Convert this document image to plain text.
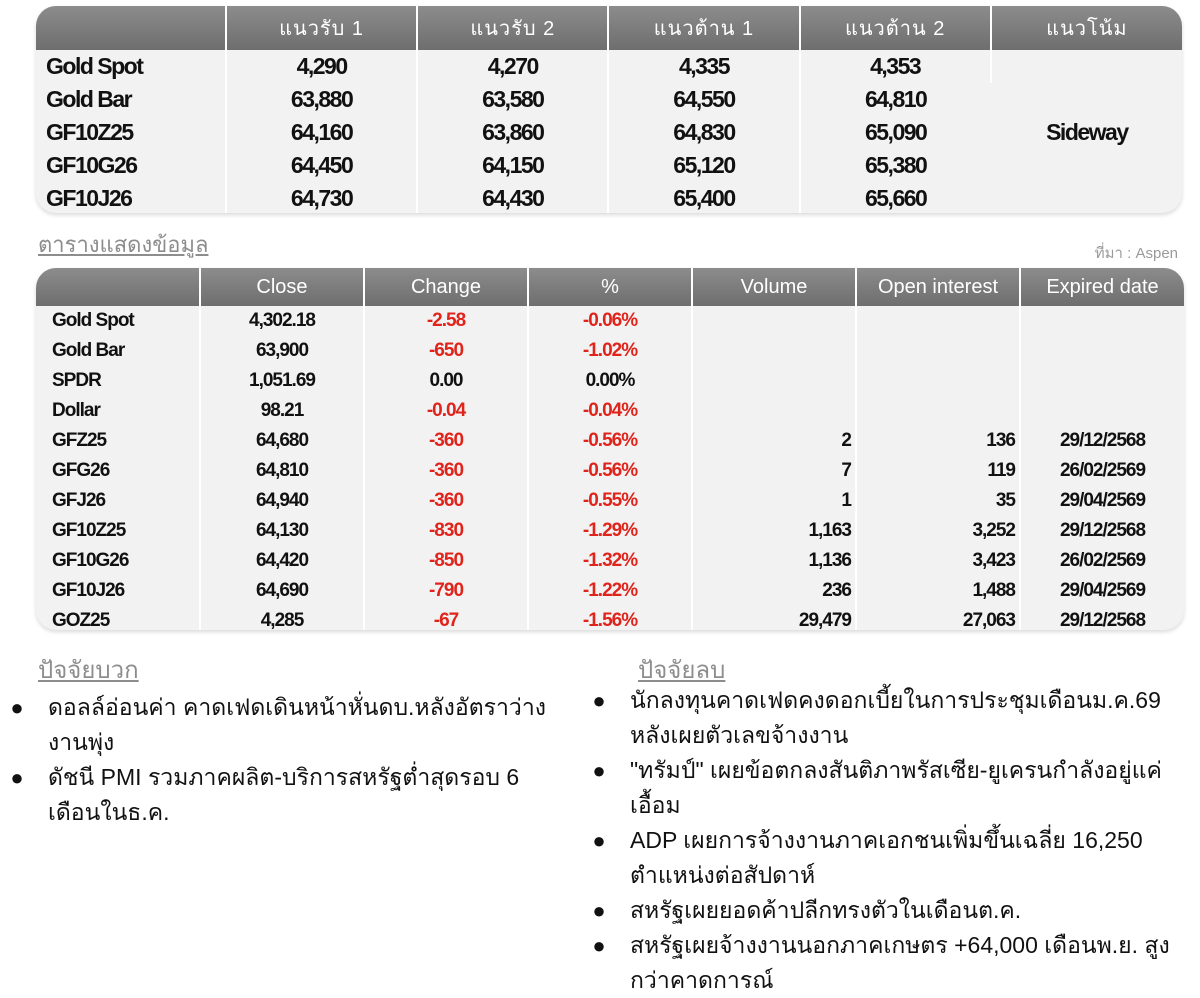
	แนวรับ 1	แนวรับ 2	แนวต้าน 1	แนวต้าน 2	แนวโน้ม
Gold Spot	4,290	4,270	4,335	4,353	Sideway
Gold Bar	63,880	63,580	64,550	64,810	
GF10Z25	64,160	63,860	64,830	65,090	
GF10G26	64,450	64,150	65,120	65,380	
GF10J26	64,730	64,430	65,400	65,660	
ตารางแสดงข้อมูล	ที่มา : Aspen
	Close	Change	%	Volume	Open interest	Expired date
Gold Spot	4,302.18	-2.58	-0.06%			
Gold Bar	63,900	-650	-1.02%			
SPDR	1,051.69	0.00	0.00%			
Dollar	98.21	-0.04	-0.04%			
GFZ25	64,680	-360	-0.56%	2	136	29/12/2568
GFG26	64,810	-360	-0.56%	7	119	26/02/2569
GFJ26	64,940	-360	-0.55%	1	35	29/04/2569
GF10Z25	64,130	-830	-1.29%	1,163	3,252	29/12/2568
GF10G26	64,420	-850	-1.32%	1,136	3,423	26/02/2569
GF10J26	64,690	-790	-1.22%	236	1,488	29/04/2569
GOZ25	4,285	-67	-1.56%	29,479	27,063	29/12/2568
ปัจจัยบวก	ปัจจัยลบ
● ดอลล์อ่อนค่า คาดเฟดเดินหน้าหั่นดบ.หลังอัตราว่างงานพุ่ง
● ดัชนี PMI รวมภาคผลิต-บริการสหรัฐต่ำสุดรอบ 6 เดือนในธ.ค.
● นักลงทุนคาดเฟดคงดอกเบี้ยในการประชุมเดือนม.ค.69 หลังเผยตัวเลขจ้างงาน
● "ทรัมป์" เผยข้อตกลงสันติภาพรัสเซีย-ยูเครนกำลังอยู่แค่เอื้อม
● ADP เผยการจ้างงานภาคเอกชนเพิ่มขึ้นเฉลี่ย 16,250 ตำแหน่งต่อสัปดาห์
● สหรัฐเผยยอดค้าปลีกทรงตัวในเดือนต.ค.
● สหรัฐเผยจ้างงานนอกภาคเกษตร +64,000 เดือนพ.ย. สูงกว่าคาดการณ์
